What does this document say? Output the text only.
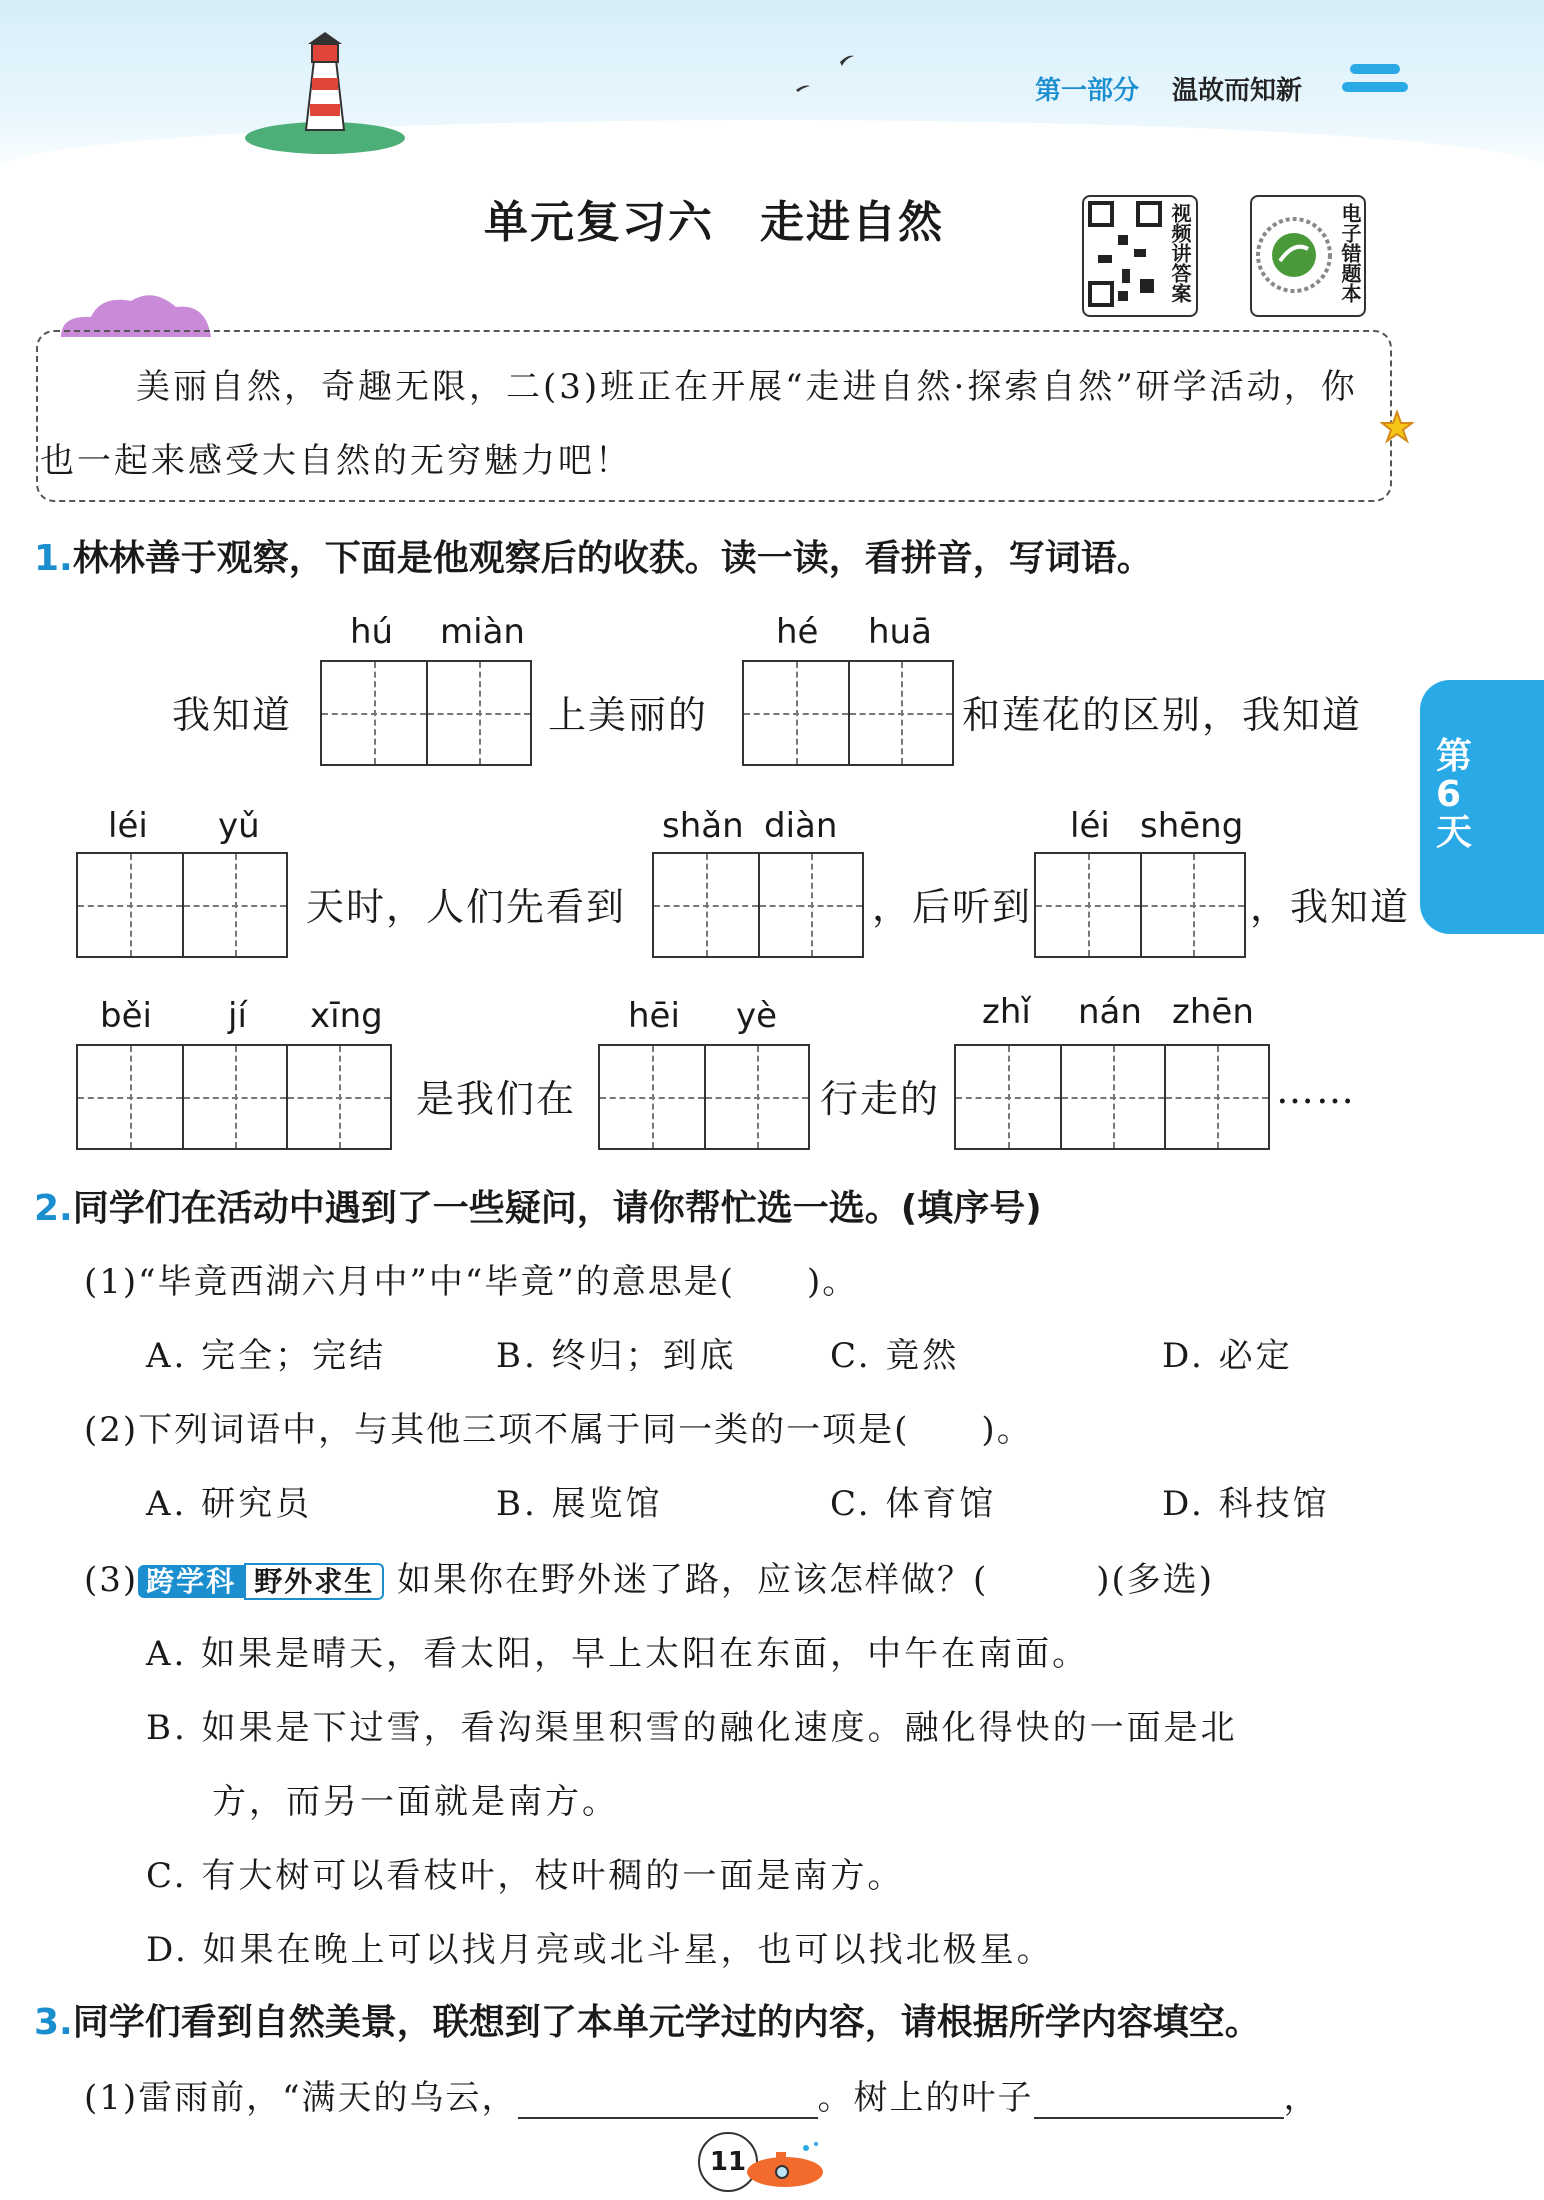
第一部分 温故而知新
单元复习六　走进自然	视频讲答案	电子错题本
美丽自然，奇趣无限，二(3)班正在开展“走进自然·探索自然”研学活动，你也一起来感受大自然的无穷魅力吧！
第6天
1.林林善于观察，下面是他观察后的收获。读一读，看拼音，写词语。
我知道
hú miàn
上美丽的
hé huā
和莲花的区别，我知道
léi yǔ
天时，人们先看到
shǎn diàn
，后听到
léi shēng
，我知道
běi jí xīng
是我们在
hēi yè
行走的
zhǐ nán zhēn
……
2.同学们在活动中遇到了一些疑问，请你帮忙选一选。(填序号)
(1)“毕竟西湖六月中”中“毕竟”的意思是(　　)。
A. 完全；完结	B. 终归；到底	C. 竟然	D. 必定
(2)下列词语中，与其他三项不属于同一类的一项是(　　)。
A. 研究员	B. 展览馆	C. 体育馆	D. 科技馆
(3) 跨学科 野外求生 如果你在野外迷了路，应该怎样做？(　　　)(多选)
A. 如果是晴天，看太阳，早上太阳在东面，中午在南面。
B. 如果是下过雪，看沟渠里积雪的融化速度。融化得快的一面是北
方，而另一面就是南方。
C. 有大树可以看枝叶，枝叶稠的一面是南方。
D. 如果在晚上可以找月亮或北斗星，也可以找北极星。
3.同学们看到自然美景，联想到了本单元学过的内容，请根据所学内容填空。
(1)雷雨前，“满天的乌云，	。树上的叶子	，
11
